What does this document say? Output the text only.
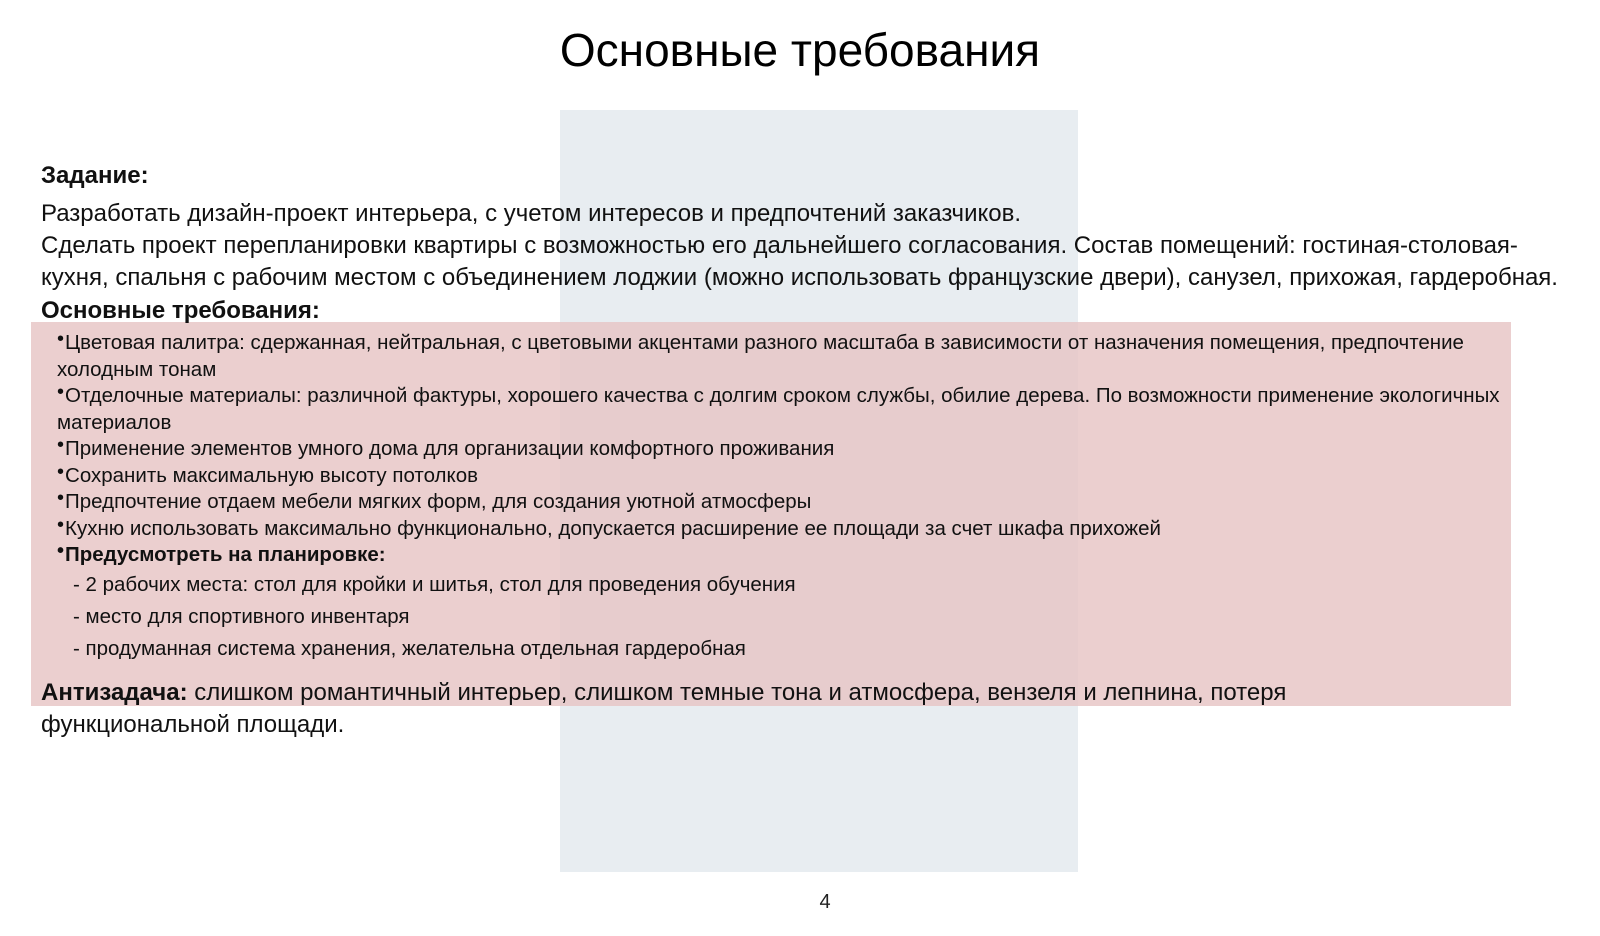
Основные требования

Задание:

Разработать дизайн-проект интерьера, с учетом интересов и предпочтений заказчиков.

Сделать проект перепланировки квартиры с возможностью его дальнейшего согласования. Состав помещений: гостиная-столовая-кухня, спальня с рабочим местом с объединением лоджии (можно использовать французские двери), санузел, прихожая, гардеробная.

Основные требования:

•Цветовая палитра: сдержанная, нейтральная, с цветовыми акцентами разного масштаба в зависимости от назначения помещения, предпочтение холодным тонам
•Отделочные материалы: различной фактуры, хорошего качества с долгим сроком службы, обилие дерева. По возможности применение экологичных материалов
•Применение элементов умного дома для организации комфортного проживания
•Сохранить максимальную высоту потолков
•Предпочтение отдаем мебели мягких форм, для создания уютной атмосферы
•Кухню использовать максимально функционально, допускается расширение ее площади за счет шкафа прихожей
•Предусмотреть на планировке:
- 2 рабочих места: стол для кройки и шитья, стол для проведения обучения
- место для спортивного инвентаря
- продуманная система хранения, желательна отдельная гардеробная

Антизадача: слишком романтичный интерьер, слишком темные тона и атмосфера, вензеля и лепнина, потеря функциональной площади.

4
